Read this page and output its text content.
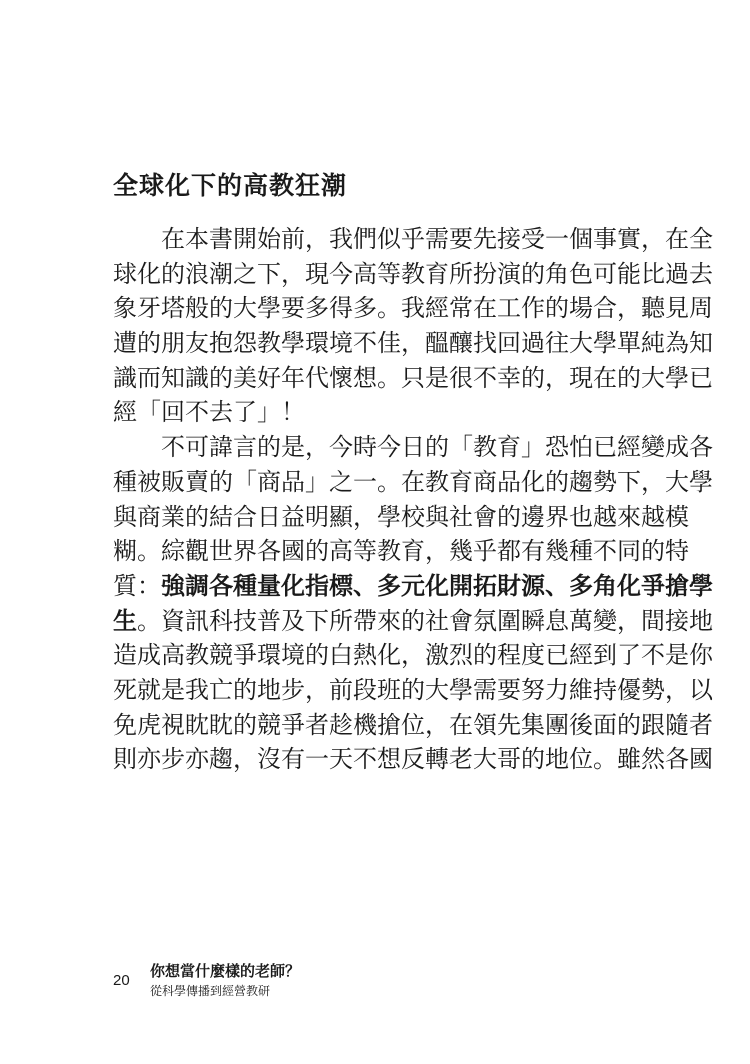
全球化下的高教狂潮
在本書開始前，我們似乎需要先接受一個事實，在全
球化的浪潮之下，現今高等教育所扮演的角色可能比過去
象牙塔般的大學要多得多。我經常在工作的場合，聽見周
遭的朋友抱怨教學環境不佳，醞釀找回過往大學單純為知
識而知識的美好年代懷想。只是很不幸的，現在的大學已
經「回不去了」！
不可諱言的是，今時今日的「教育」恐怕已經變成各
種被販賣的「商品」之一。在教育商品化的趨勢下，大學
與商業的結合日益明顯，學校與社會的邊界也越來越模
糊。綜觀世界各國的高等教育，幾乎都有幾種不同的特
質：強調各種量化指標、多元化開拓財源、多角化爭搶學
生。資訊科技普及下所帶來的社會氛圍瞬息萬變，間接地
造成高教競爭環境的白熱化，激烈的程度已經到了不是你
死就是我亡的地步，前段班的大學需要努力維持優勢，以
免虎視眈眈的競爭者趁機搶位，在領先集團後面的跟隨者
則亦步亦趨，沒有一天不想反轉老大哥的地位。雖然各國
20
你想當什麼樣的老師？
從科學傳播到經營教研
